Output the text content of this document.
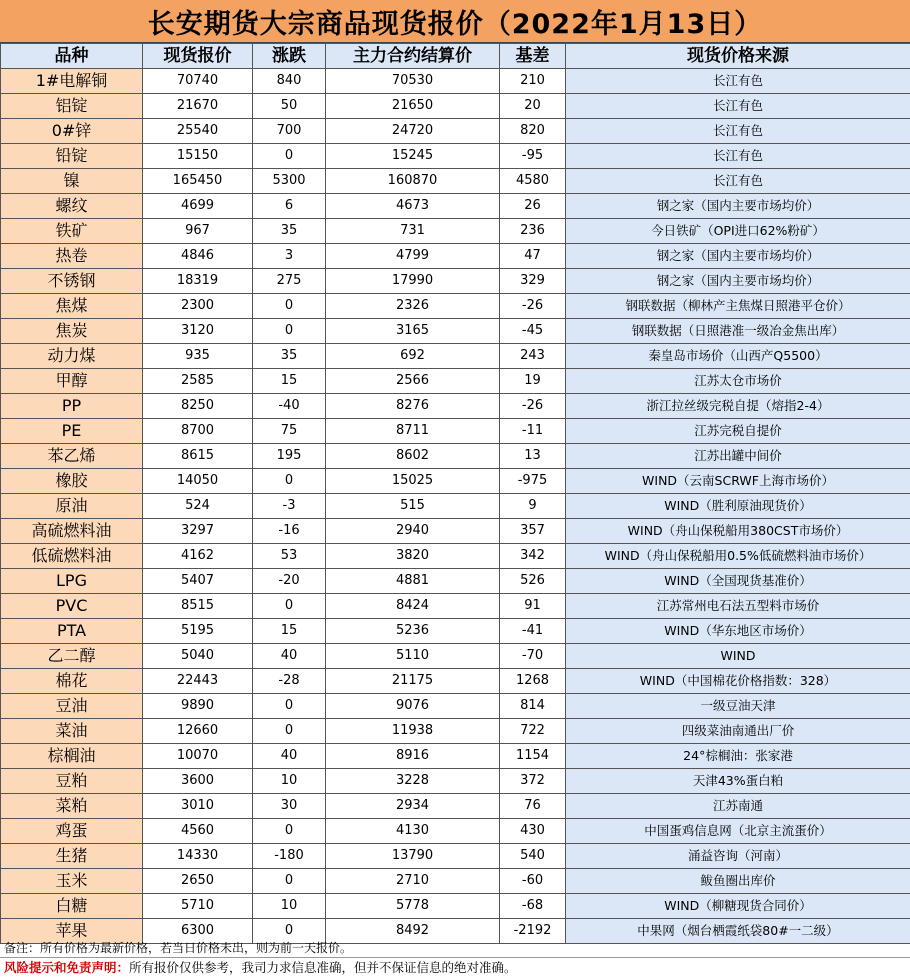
长安期货大宗商品现货报价（2022年1月13日）
品种	现货报价	涨跌	主力合约结算价	基差	现货价格来源
1#电解铜	70740	840	70530	210	长江有色
铝锭	21670	50	21650	20	长江有色
0#锌	25540	700	24720	820	长江有色
铅锭	15150	0	15245	-95	长江有色
镍	165450	5300	160870	4580	长江有色
螺纹	4699	6	4673	26	钢之家（国内主要市场均价）
铁矿	967	35	731	236	今日铁矿（OPI进口62%粉矿）
热卷	4846	3	4799	47	钢之家（国内主要市场均价）
不锈钢	18319	275	17990	329	钢之家（国内主要市场均价）
焦煤	2300	0	2326	-26	钢联数据（柳林产主焦煤日照港平仓价）
焦炭	3120	0	3165	-45	钢联数据（日照港准一级冶金焦出库）
动力煤	935	35	692	243	秦皇岛市场价（山西产Q5500）
甲醇	2585	15	2566	19	江苏太仓市场价
PP	8250	-40	8276	-26	浙江拉丝级完税自提（熔指2-4）
PE	8700	75	8711	-11	江苏完税自提价
苯乙烯	8615	195	8602	13	江苏出罐中间价
橡胶	14050	0	15025	-975	WIND（云南SCRWF上海市场价）
原油	524	-3	515	9	WIND（胜利原油现货价）
高硫燃料油	3297	-16	2940	357	WIND（舟山保税船用380CST市场价）
低硫燃料油	4162	53	3820	342	WIND（舟山保税船用0.5%低硫燃料油市场价）
LPG	5407	-20	4881	526	WIND（全国现货基准价）
PVC	8515	0	8424	91	江苏常州电石法五型料市场价
PTA	5195	15	5236	-41	WIND（华东地区市场价）
乙二醇	5040	40	5110	-70	WIND
棉花	22443	-28	21175	1268	WIND（中国棉花价格指数：328）
豆油	9890	0	9076	814	一级豆油天津
菜油	12660	0	11938	722	四级菜油南通出厂价
棕榈油	10070	40	8916	1154	24°棕榈油：张家港
豆粕	3600	10	3228	372	天津43%蛋白粕
菜粕	3010	30	2934	76	江苏南通
鸡蛋	4560	0	4130	430	中国蛋鸡信息网（北京主流蛋价）
生猪	14330	-180	13790	540	涌益咨询（河南）
玉米	2650	0	2710	-60	鲅鱼圈出库价
白糖	5710	10	5778	-68	WIND（柳糖现货合同价）
苹果	6300	0	8492	-2192	中果网（烟台栖霞纸袋80#一二级）
备注：所有价格为最新价格，若当日价格未出，则为前一天报价。
风险提示和免责声明：所有报价仅供参考，我司力求信息准确，但并不保证信息的绝对准确。
